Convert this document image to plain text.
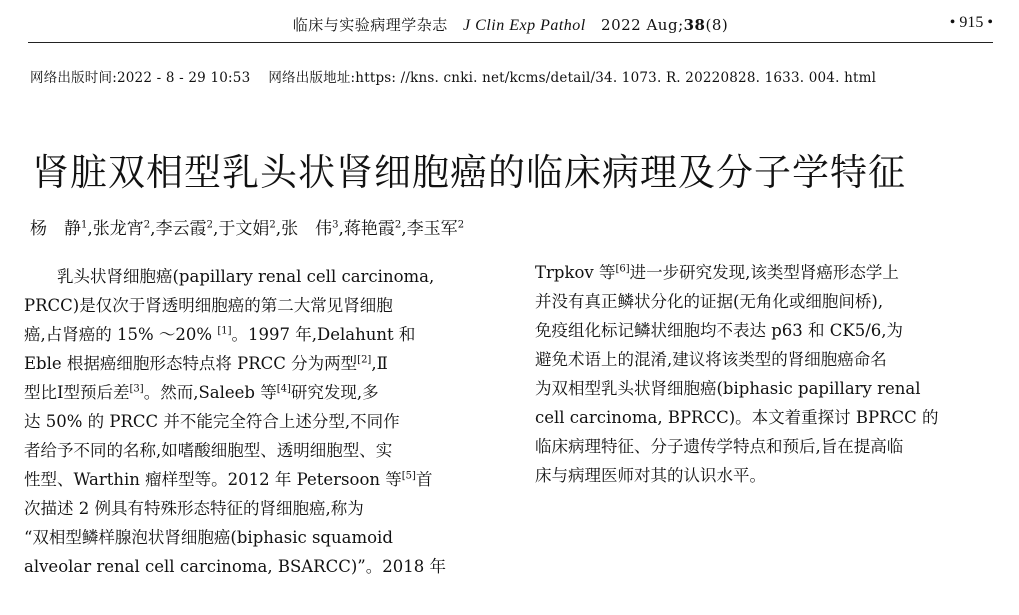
临床与实验病理学杂志 J Clin Exp Pathol 2022 Aug;38(8)	• 915 •
网络出版时间:2022 - 8 - 29 10:53 网络出版地址:https: //kns. cnki. net/kcms/detail/34. 1073. R. 20220828. 1633. 004. html
肾脏双相型乳头状肾细胞癌的临床病理及分子学特征
杨　静$^1$,张龙宵$^2$,李云霞$^2$,于文娟$^2$,张　伟$^3$,蒋艳霞$^2$,李玉军$^2$
乳头状肾细胞癌(papillary renal cell carcinoma,
PRCC)是仅次于肾透明细胞癌的第二大常见肾细胞
癌,占肾癌的 15% ～20% [1]。1997 年,Delahunt 和
Eble 根据癌细胞形态特点将 PRCC 分为两型[2],Ⅱ
型比Ⅰ型预后差[3]。然而,Saleeb 等[4]研究发现,多
达 50% 的 PRCC 并不能完全符合上述分型,不同作
者给予不同的名称,如嗜酸细胞型、透明细胞型、实
性型、Warthin 瘤样型等。2012 年 Petersoon 等[5]首
次描述 2 例具有特殊形态特征的肾细胞癌,称为
“双相型鳞样腺泡状肾细胞癌(biphasic squamoid
alveolar renal cell carcinoma, BSARCC)”。2018 年
Trpkov 等[6]进一步研究发现,该类型肾癌形态学上
并没有真正鳞状分化的证据(无角化或细胞间桥),
免疫组化标记鳞状细胞均不表达 p63 和 CK5/6,为
避免术语上的混淆,建议将该类型的肾细胞癌命名
为双相型乳头状肾细胞癌(biphasic papillary renal
cell carcinoma, BPRCC)。本文着重探讨 BPRCC 的
临床病理特征、分子遗传学特点和预后,旨在提高临
床与病理医师对其的认识水平。
